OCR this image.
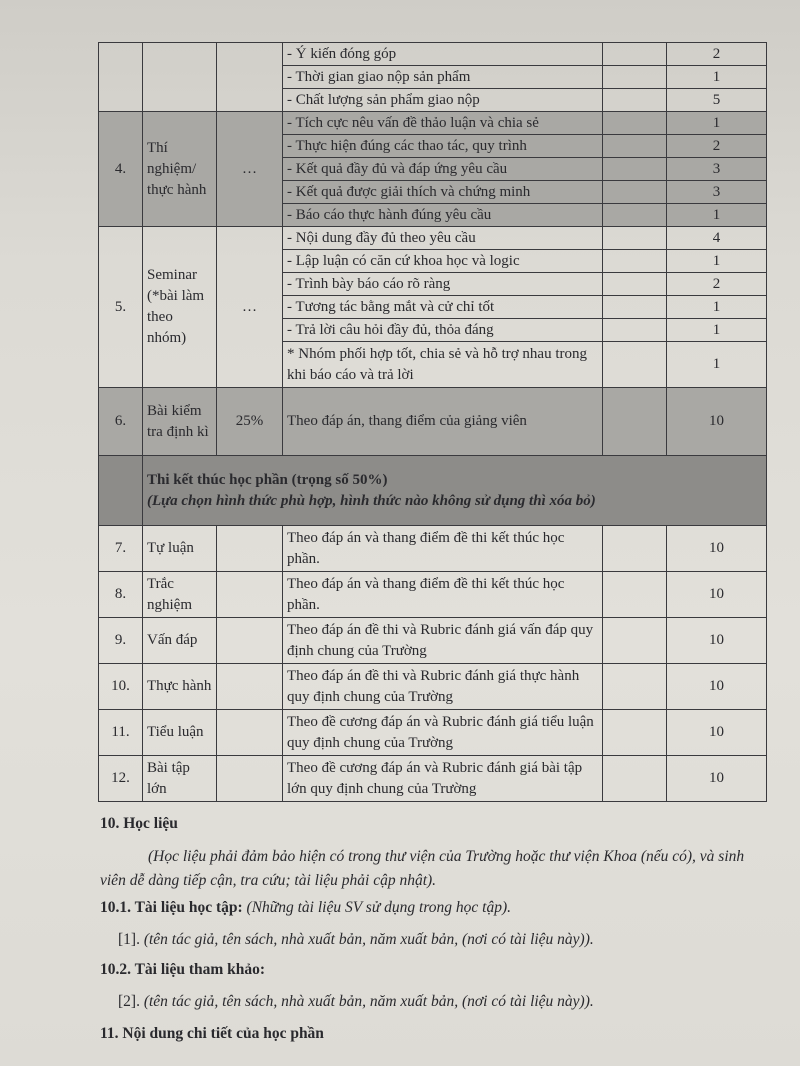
			- Ý kiến đóng góp		2
			- Thời gian giao nộp sản phẩm		1
			- Chất lượng sản phẩm giao nộp		5
4.	Thí nghiệm/ thực hành	…	- Tích cực nêu vấn đề thảo luận và chia sẻ		1
			- Thực hiện đúng các thao tác, quy trình		2
			- Kết quả đầy đủ và đáp ứng yêu cầu		3
			- Kết quả được giải thích và chứng minh		3
			- Báo cáo thực hành đúng yêu cầu		1
5.	Seminar (*bài làm theo nhóm)	…	- Nội dung đầy đủ theo yêu cầu		4
			- Lập luận có căn cứ khoa học và logic		1
			- Trình bày báo cáo rõ ràng		2
			- Tương tác bằng mắt và cử chỉ tốt		1
			- Trả lời câu hỏi đầy đủ, thỏa đáng		1
			* Nhóm phối hợp tốt, chia sẻ và hỗ trợ nhau trong khi báo cáo và trả lời		1
6.	Bài kiểm tra định kì	25%	Theo đáp án, thang điểm của giảng viên		10

	Thi kết thúc học phần (trọng số 50%)
(Lựa chọn hình thức phù hợp, hình thức nào không sử dụng thì xóa bỏ)				

7.	Tự luận		Theo đáp án và thang điểm đề thi kết thúc học phần.		10
8.	Trắc nghiệm		Theo đáp án và thang điểm đề thi kết thúc học phần.		10
9.	Vấn đáp		Theo đáp án đề thi và Rubric đánh giá vấn đáp quy định chung của Trường		10
10.	Thực hành		Theo đáp án đề thi và Rubric đánh giá thực hành quy định chung của Trường		10
11.	Tiểu luận		Theo đề cương đáp án và Rubric đánh giá tiểu luận quy định chung của Trường		10
12.	Bài tập lớn		Theo đề cương đáp án và Rubric đánh giá bài tập lớn quy định chung của Trường		10
10. Học liệu
(Học liệu phải đảm bảo hiện có trong thư viện của Trường hoặc thư viện Khoa (nếu có), và sinh viên dễ dàng tiếp cận, tra cứu; tài liệu phải cập nhật).
10.1. Tài liệu học tập: (Những tài liệu SV sử dụng trong học tập).
[1]. (tên tác giả, tên sách, nhà xuất bản, năm xuất bản, (nơi có tài liệu này)).
10.2. Tài liệu tham khảo:
[2]. (tên tác giả, tên sách, nhà xuất bản, năm xuất bản, (nơi có tài liệu này)).
11. Nội dung chi tiết của học phần
